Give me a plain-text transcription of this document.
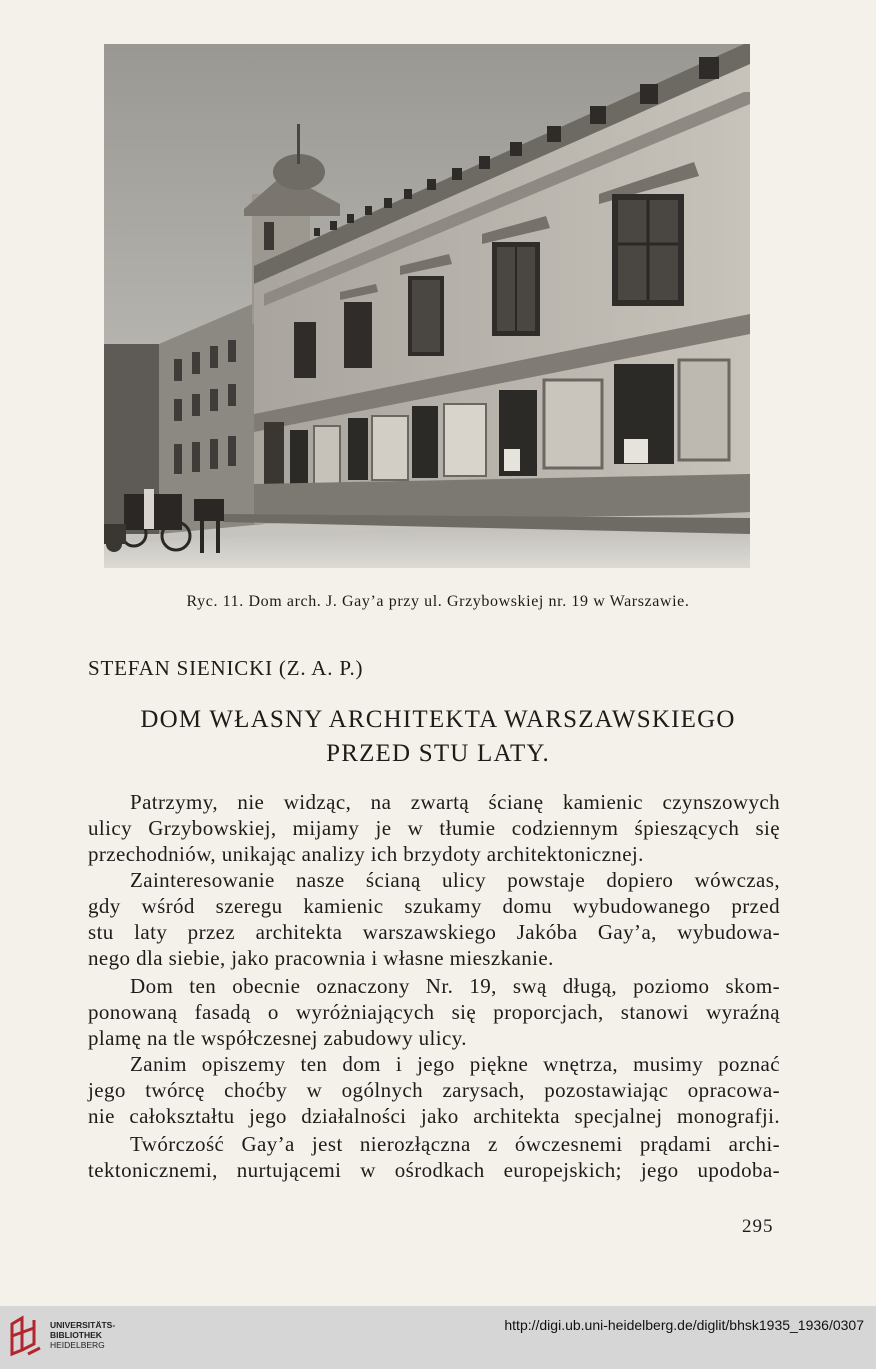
Ryc. 11. Dom arch. J. Gay’a przy ul. Grzybowskiej nr. 19 w Warszawie.
STEFAN SIENICKI (Z. A. P.)
DOM WŁASNY ARCHITEKTA WARSZAWSKIEGO
PRZED STU LATY.
Patrzymy, nie widząc, na zwartą ścianę kamienic czynszowych
ulicy Grzybowskiej, mijamy je w tłumie codziennym śpieszących się
przechodniów, unikając analizy ich brzydoty architektonicznej.
Zainteresowanie nasze ścianą ulicy powstaje dopiero wówczas,
gdy wśród szeregu kamienic szukamy domu wybudowanego przed
stu laty przez architekta warszawskiego Jakóba Gay’a, wybudowa-
nego dla siebie, jako pracownia i własne mieszkanie.
Dom ten obecnie oznaczony Nr. 19, swą długą, poziomo skom-
ponowaną fasadą o wyróżniających się proporcjach, stanowi wyraźną
plamę na tle współczesnej zabudowy ulicy.
Zanim opiszemy ten dom i jego piękne wnętrza, musimy poznać
jego twórcę choćby w ogólnych zarysach, pozostawiając opracowa-
nie całokształtu jego działalności jako architekta specjalnej monografji.
Twórczość Gay’a jest nierozłączna z ówczesnemi prądami archi-
tektonicznemi, nurtującemi w ośrodkach europejskich; jego upodoba-
295
UNIVERSITÄTS-
BIBLIOTHEK
HEIDELBERG
http://digi.ub.uni-heidelberg.de/diglit/bhsk1935_1936/0307
